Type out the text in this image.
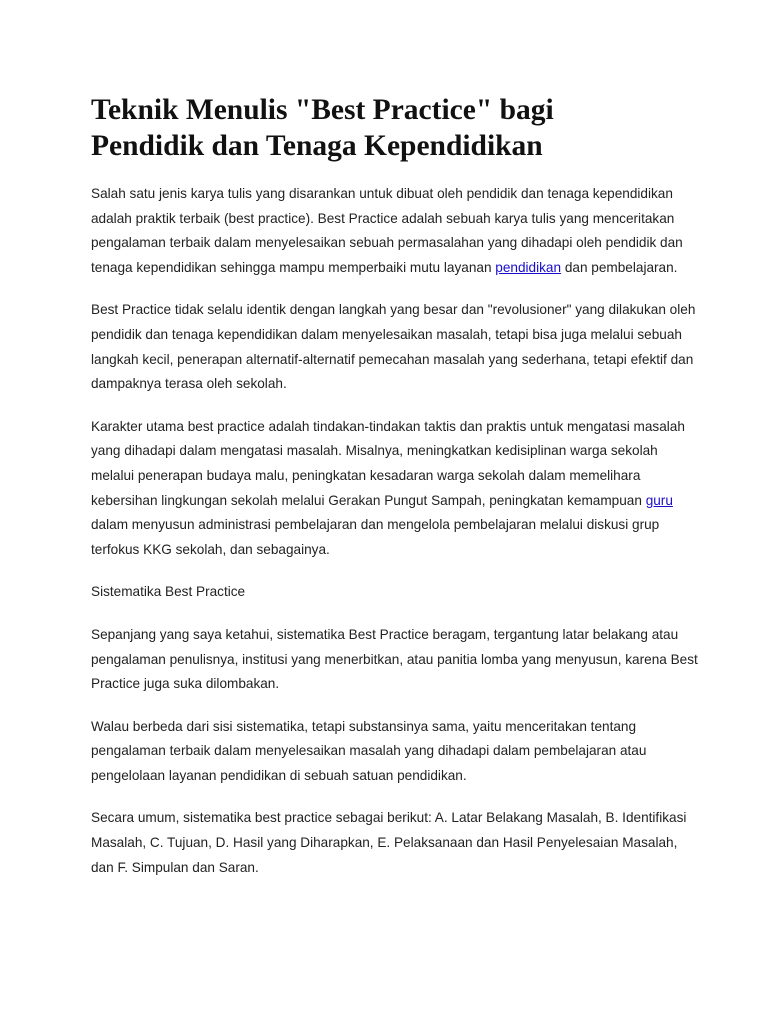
Teknik Menulis "Best Practice" bagi
Pendidik dan Tenaga Kependidikan

Salah satu jenis karya tulis yang disarankan untuk dibuat oleh pendidik dan tenaga kependidikan adalah praktik terbaik (best practice). Best Practice adalah sebuah karya tulis yang menceritakan pengalaman terbaik dalam menyelesaikan sebuah permasalahan yang dihadapi oleh pendidik dan tenaga kependidikan sehingga mampu memperbaiki mutu layanan pendidikan dan pembelajaran.

Best Practice tidak selalu identik dengan langkah yang besar dan "revolusioner" yang dilakukan oleh pendidik dan tenaga kependidikan dalam menyelesaikan masalah, tetapi bisa juga melalui sebuah langkah kecil, penerapan alternatif-alternatif pemecahan masalah yang sederhana, tetapi efektif dan dampaknya terasa oleh sekolah.

Karakter utama best practice adalah tindakan-tindakan taktis dan praktis untuk mengatasi masalah yang dihadapi dalam mengatasi masalah. Misalnya, meningkatkan kedisiplinan warga sekolah melalui penerapan budaya malu, peningkatan kesadaran warga sekolah dalam memelihara kebersihan lingkungan sekolah melalui Gerakan Pungut Sampah, peningkatan kemampuan guru dalam menyusun administrasi pembelajaran dan mengelola pembelajaran melalui diskusi grup terfokus KKG sekolah, dan sebagainya.

Sistematika Best Practice

Sepanjang yang saya ketahui, sistematika Best Practice beragam, tergantung latar belakang atau pengalaman penulisnya, institusi yang menerbitkan, atau panitia lomba yang menyusun, karena Best Practice juga suka dilombakan.

Walau berbeda dari sisi sistematika, tetapi substansinya sama, yaitu menceritakan tentang pengalaman terbaik dalam menyelesaikan masalah yang dihadapi dalam pembelajaran atau pengelolaan layanan pendidikan di sebuah satuan pendidikan.

Secara umum, sistematika best practice sebagai berikut: A. Latar Belakang Masalah, B. Identifikasi Masalah, C. Tujuan, D. Hasil yang Diharapkan, E. Pelaksanaan dan Hasil Penyelesaian Masalah, dan F. Simpulan dan Saran.
